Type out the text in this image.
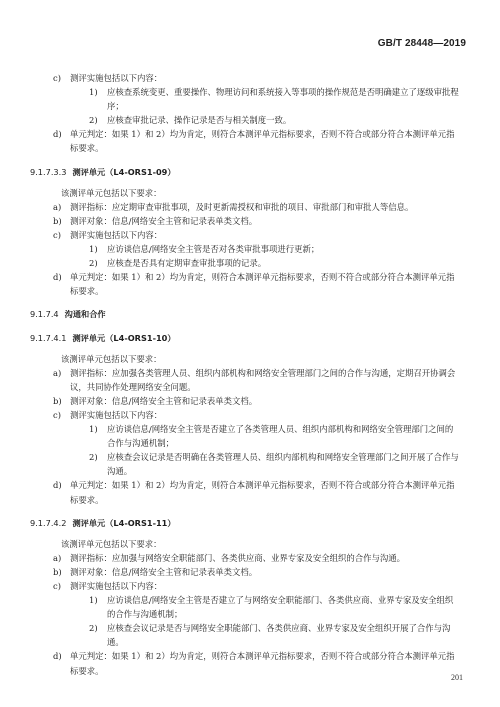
GB/T 28448—2019
c)	测评实施包括以下内容：
1)	应核查系统变更、重要操作、物理访问和系统接入等事项的操作规范是否明确建立了逐级审批程序；
2)	应核查审批记录、操作记录是否与相关制度一致。
d) 单元判定：如果 1）和 2）均为肯定，则符合本测评单元指标要求，否则不符合或部分符合本测评单元指标要求。
9.1.7.3.3 测评单元（L4-ORS1-09）
该测评单元包括以下要求：
a)	测评指标：应定期审查审批事项，及时更新需授权和审批的项目、审批部门和审批人等信息。
b) 测评对象：信息/网络安全主管和记录表单类文档。
c)	测评实施包括以下内容：
1)	应访谈信息/网络安全主管是否对各类审批事项进行更新；
2)	应核查是否具有定期审查审批事项的记录。
d) 单元判定：如果 1）和 2）均为肯定，则符合本测评单元指标要求，否则不符合或部分符合本测评单元指标要求。
9.1.7.4 沟通和合作
9.1.7.4.1 测评单元（L4-ORS1-10）
该测评单元包括以下要求：
a)	测评指标：应加强各类管理人员、组织内部机构和网络安全管理部门之间的合作与沟通，定期召开协调会议，共同协作处理网络安全问题。
b) 测评对象：信息/网络安全主管和记录表单类文档。
c)	测评实施包括以下内容：
1)	应访谈信息/网络安全主管是否建立了各类管理人员、组织内部机构和网络安全管理部门之间的合作与沟通机制；
2)	应核查会议记录是否明确在各类管理人员、组织内部机构和网络安全管理部门之间开展了合作与沟通。
d) 单元判定：如果 1）和 2）均为肯定，则符合本测评单元指标要求，否则不符合或部分符合本测评单元指标要求。
9.1.7.4.2 测评单元（L4-ORS1-11）
该测评单元包括以下要求：
a)	测评指标：应加强与网络安全职能部门、各类供应商、业界专家及安全组织的合作与沟通。
b) 测评对象：信息/网络安全主管和记录表单类文档。
c)	测评实施包括以下内容：
1)	应访谈信息/网络安全主管是否建立了与网络安全职能部门、各类供应商、业界专家及安全组织的合作与沟通机制；
2)	应核查会议记录是否与网络安全职能部门、各类供应商、业界专家及安全组织开展了合作与沟通。
d) 单元判定：如果 1）和 2）均为肯定，则符合本测评单元指标要求，否则不符合或部分符合本测评单元指标要求。
201
